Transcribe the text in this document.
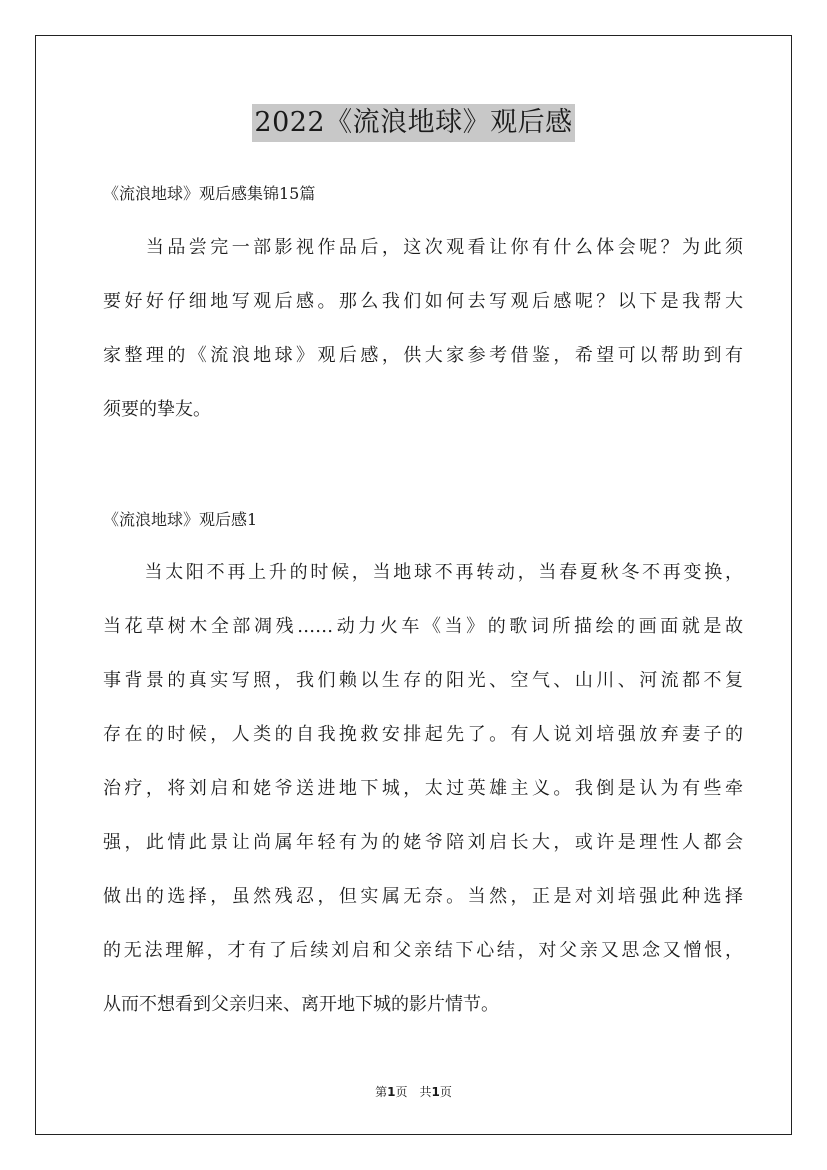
2022《流浪地球》观后感
《流浪地球》观后感集锦15篇
　　当品尝完一部影视作品后，这次观看让你有什么体会呢？为此须
要好好仔细地写观后感。那么我们如何去写观后感呢？以下是我帮大
家整理的《流浪地球》观后感，供大家参考借鉴，希望可以帮助到有
须要的挚友。
《流浪地球》观后感1
　　当太阳不再上升的时候，当地球不再转动，当春夏秋冬不再变换，
当花草树木全部凋残……动力火车《当》的歌词所描绘的画面就是故
事背景的真实写照，我们赖以生存的阳光、空气、山川、河流都不复
存在的时候，人类的自我挽救安排起先了。有人说刘培强放弃妻子的
治疗，将刘启和姥爷送进地下城，太过英雄主义。我倒是认为有些牵
强，此情此景让尚属年轻有为的姥爷陪刘启长大，或许是理性人都会
做出的选择，虽然残忍，但实属无奈。当然，正是对刘培强此种选择
的无法理解，才有了后续刘启和父亲结下心结，对父亲又思念又憎恨，
从而不想看到父亲归来、离开地下城的影片情节。
第1页　共1页
